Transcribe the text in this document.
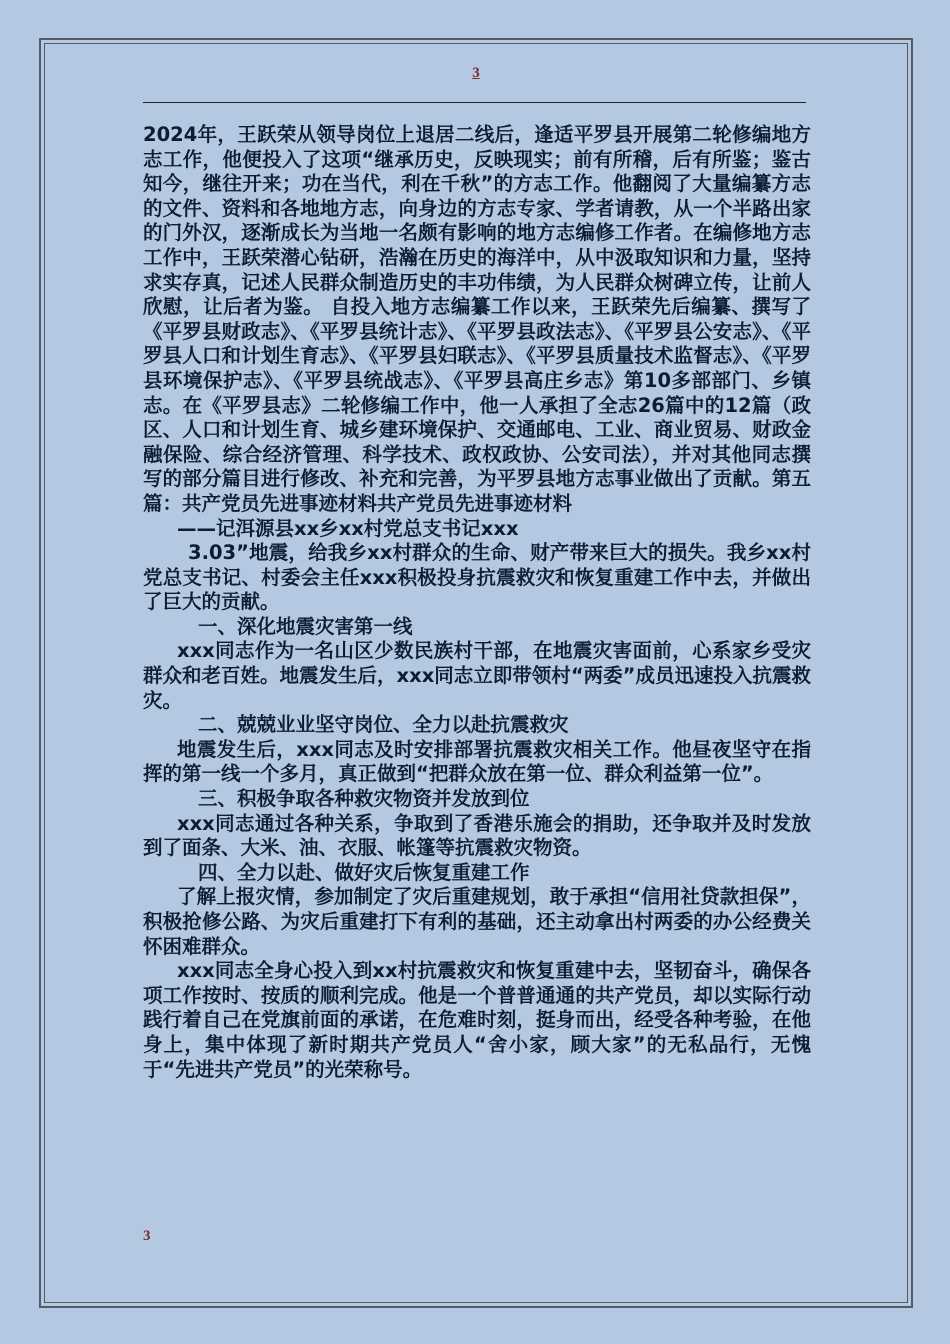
3

2024年，王跃荣从领导岗位上退居二线后，逢适平罗县开展第二轮修编地方志工作，他便投入了这项“继承历史，反映现实；前有所稽，后有所鉴；鉴古知今，继往开来；功在当代，利在千秋”的方志工作。他翻阅了大量编纂方志的文件、资料和各地地方志，向身边的方志专家、学者请教，从一个半路出家的门外汉，逐渐成长为当地一名颇有影响的地方志编修工作者。在编修地方志工作中，王跃荣潜心钻研，浩瀚在历史的海洋中，从中汲取知识和力量，坚持求实存真，记述人民群众制造历史的丰功伟绩，为人民群众树碑立传，让前人欣慰，让后者为鉴。 自投入地方志编纂工作以来，王跃荣先后编纂、撰写了《平罗县财政志》、《平罗县统计志》、《平罗县政法志》、《平罗县公安志》、《平罗县人口和计划生育志》、《平罗县妇联志》、《平罗县质量技术监督志》、《平罗县环境保护志》、《平罗县统战志》、《平罗县高庄乡志》第10多部部门、乡镇志。在《平罗县志》二轮修编工作中，他一人承担了全志26篇中的12篇（政区、人口和计划生育、城乡建环境保护、交通邮电、工业、商业贸易、财政金融保险、综合经济管理、科学技术、政权政协、公安司法），并对其他同志撰写的部分篇目进行修改、补充和完善，为平罗县地方志事业做出了贡献。第五篇：共产党员先进事迹材料共产党员先进事迹材料

——记洱源县xx乡xx村党总支书记xxx

3.03”地震，给我乡xx村群众的生命、财产带来巨大的损失。我乡xx村党总支书记、村委会主任xxx积极投身抗震救灾和恢复重建工作中去，并做出了巨大的贡献。

一、深化地震灾害第一线

xxx同志作为一名山区少数民族村干部，在地震灾害面前，心系家乡受灾群众和老百姓。地震发生后，xxx同志立即带领村“两委”成员迅速投入抗震救灾。

二、兢兢业业坚守岗位、全力以赴抗震救灾

地震发生后，xxx同志及时安排部署抗震救灾相关工作。他昼夜坚守在指挥的第一线一个多月，真正做到“把群众放在第一位、群众利益第一位”。

三、积极争取各种救灾物资并发放到位

xxx同志通过各种关系，争取到了香港乐施会的捐助，还争取并及时发放到了面条、大米、油、衣服、帐篷等抗震救灾物资。

四、全力以赴、做好灾后恢复重建工作

了解上报灾情，参加制定了灾后重建规划，敢于承担“信用社贷款担保”，积极抢修公路、为灾后重建打下有利的基础，还主动拿出村两委的办公经费关怀困难群众。

xxx同志全身心投入到xx村抗震救灾和恢复重建中去，坚韧奋斗，确保各项工作按时、按质的顺利完成。他是一个普普通通的共产党员，却以实际行动践行着自己在党旗前面的承诺，在危难时刻，挺身而出，经受各种考验，在他身上，集中体现了新时期共产党员人“舍小家，顾大家”的无私品行，无愧于“先进共产党员”的光荣称号。

3
